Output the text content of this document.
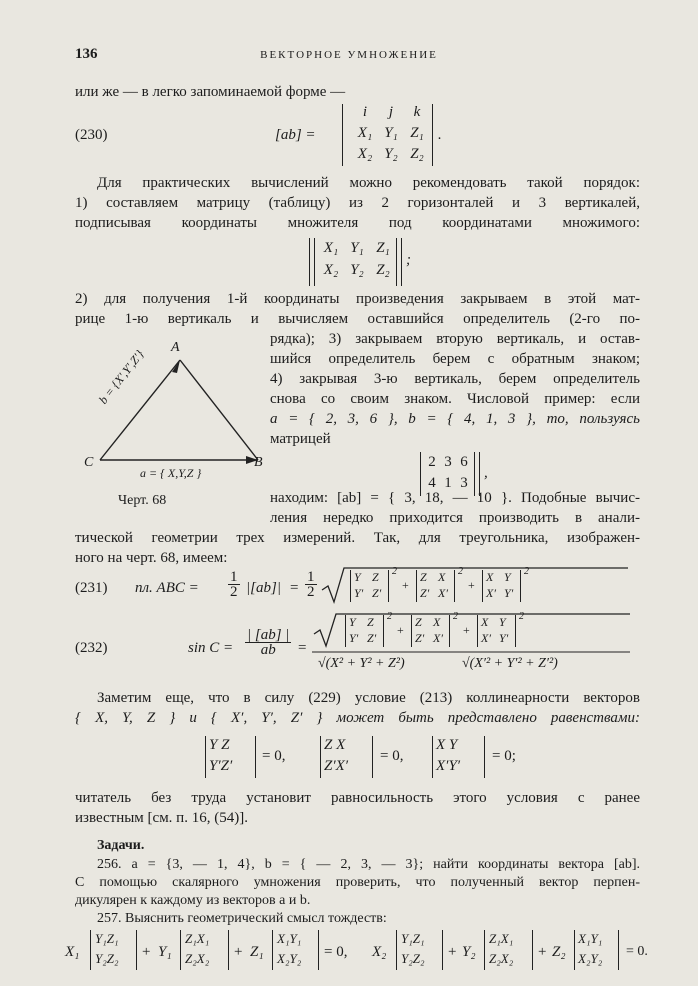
136	ВЕКТОРНОЕ УМНОЖЕНИЕ
или же — в легко запоминаемой форме —
(230)	[ab] =
i	j	k
X₁ Y₁ Z₁
X₂ Y₂ Z₂
.
Для практических вычислений можно рекомендовать такой порядок:
1) составляем матрицу (таблицу) из 2 горизонталей и 3 вертикалей,
подписывая координаты множителя под координатами множимого:
X₁ Y₁ Z₁
X₂ Y₂ Z₂
;
2) для получения 1-й координаты произведения закрываем в этой мат-
рице 1-ю вертикаль и вычисляем оставшийся определитель (2-го по-
рядка); 3) закрываем вторую вертикаль, и остав-
шийся определитель берем с обратным знаком;
4) закрывая 3-ю вертикаль, берем определитель
снова со своим знаком. Числовой пример: если
a = { 2, 3, 6 }, b = { 4, 1, 3 }, то, пользуясь
матрицей
2 3 6
4 1 3
,
A
B
C
b = {X′,Y′,Z′}
a = { X,Y,Z }
Черт. 68	находим: [ab] = { 3, 18, — 10 }. Подобные вычис-
ления нередко приходится производить в анали-
тической геометрии трех измерений. Так, для треугольника, изображен-
ного на черт. 68, имеем:
(231) пл. ABC = $\frac{1}{2} |[ab]| = \frac{1}{2}$	Y Z
Y′ Z′
2
+
Z X
Z′ X′
2
+
X Y
X′ Y′
2
(232)	$\sin C = \frac{| [ab] |}{ab}$ =
Y Z
Y′ Z′
2
+
Z X
Z′ X′
2
+
X Y
X′ Y′
2
√(X² + Y² + Z²)	√(X′² + Y′² + Z′²)
Заметим еще, что в силу (229) условие (213) коллинеарности векторов
{ X, Y, Z } и { X′, Y′, Z′ } может быть представлено равенствами:
Y Z
Y′Z′
= 0,
Z X
Z′X′
= 0,
X Y
X′Y′
= 0;
читатель без труда установит равносильность этого условия с ранее
известным [см. п. 16, (54)].
Задачи.
256. a = {3, — 1, 4}, b = { — 2, 3, — 3}; найти координаты вектора [ab].
С помощью скалярного умножения проверить, что полученный вектор перпен-
дикулярен к каждому из векторов a и b.
257. Выяснить геометрический смысл тождеств:
X₁
Y₁Z₁
Y₂Z₂ + Y₁
Z₁X₁
Z₂X₂ + Z₁
X₁Y₁
X₂Y₂ = 0, X₂
Y₁Z₁
Y₂Z₂ + Y₂
Z₁X₁
Z₂X₂ + Z₂
X₁Y₁
X₂Y₂ = 0.
